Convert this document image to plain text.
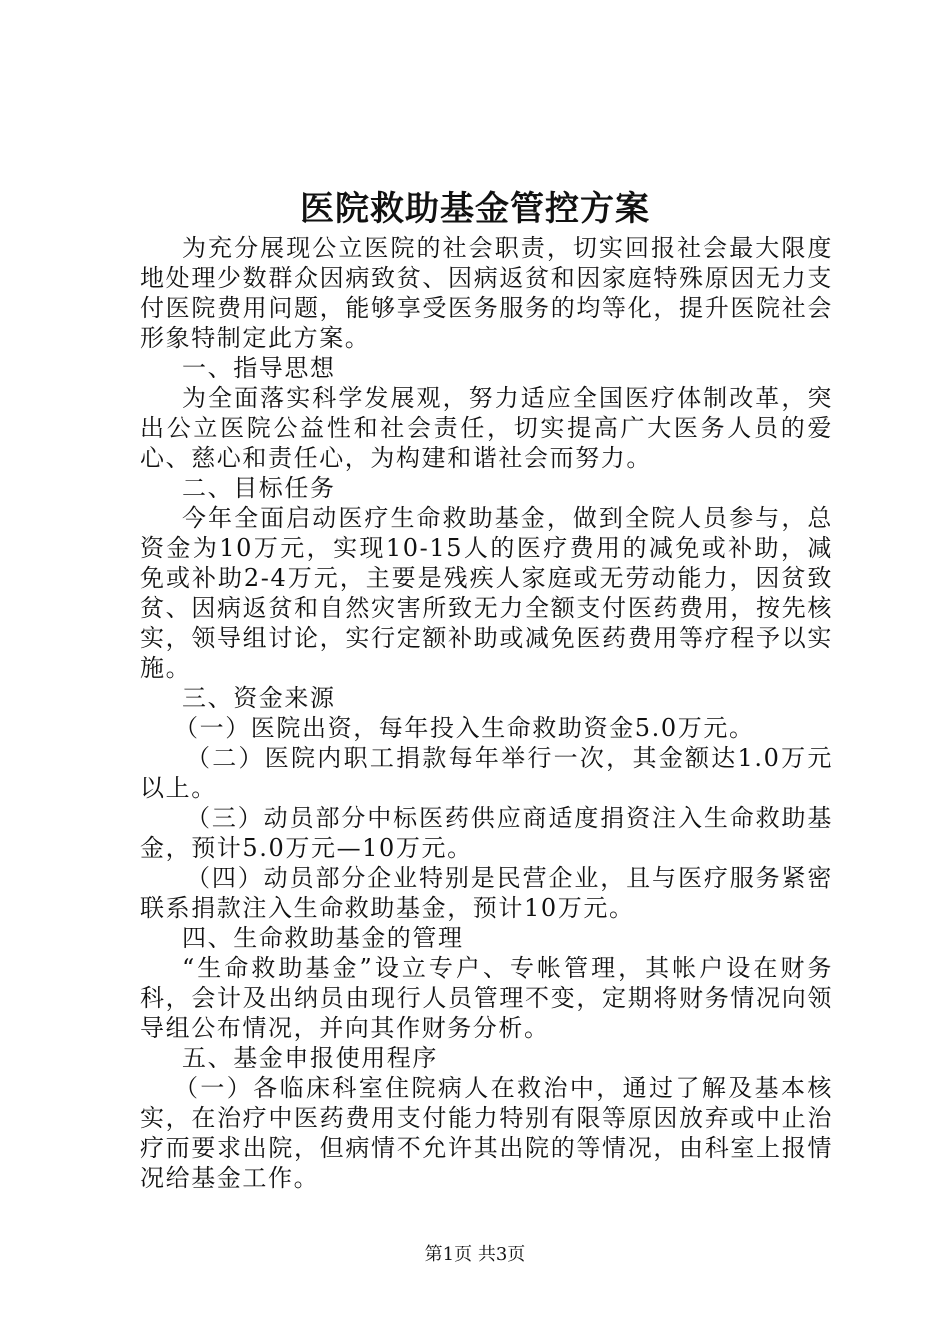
医院救助基金管控方案

为充分展现公立医院的社会职责，切实回报社会最大限度地处理少数群众因病致贫、因病返贫和因家庭特殊原因无力支付医院费用问题，能够享受医务服务的均等化，提升医院社会形象特制定此方案。

一、指导思想

为全面落实科学发展观，努力适应全国医疗体制改革，突出公立医院公益性和社会责任，切实提高广大医务人员的爱心、慈心和责任心，为构建和谐社会而努力。

二、目标任务

今年全面启动医疗生命救助基金，做到全院人员参与，总资金为10万元，实现10-15人的医疗费用的减免或补助，减免或补助2-4万元，主要是残疾人家庭或无劳动能力，因贫致贫、因病返贫和自然灾害所致无力全额支付医药费用，按先核实，领导组讨论，实行定额补助或减免医药费用等疗程予以实施。

三、资金来源

（一）医院出资，每年投入生命救助资金5.0万元。

（二）医院内职工捐款每年举行一次，其金额达1.0万元以上。

（三）动员部分中标医药供应商适度捐资注入生命救助基金，预计5.0万元—10万元。

（四）动员部分企业特别是民营企业，且与医疗服务紧密联系捐款注入生命救助基金，预计10万元。

四、生命救助基金的管理

“生命救助基金”设立专户、专帐管理，其帐户设在财务科，会计及出纳员由现行人员管理不变，定期将财务情况向领导组公布情况，并向其作财务分析。

五、基金申报使用程序

（一）各临床科室住院病人在救治中，通过了解及基本核实，在治疗中医药费用支付能力特别有限等原因放弃或中止治疗而要求出院，但病情不允许其出院的等情况，由科室上报情况给基金工作。

第1页 共3页
